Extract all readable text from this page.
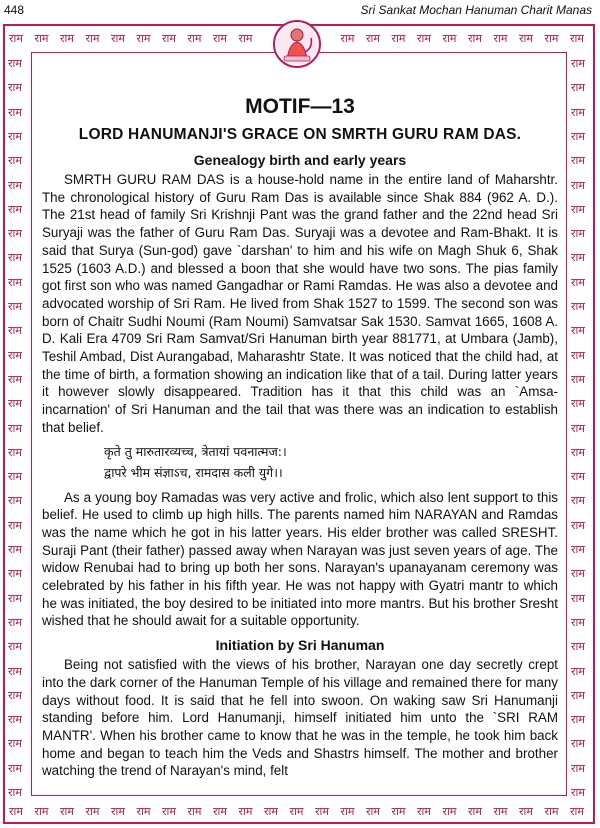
448	Sri Sankat Mochan Hanuman Charit Manas
राम राम राम राम राम राम राम राम राम राम	राम राम राम राम राम राम राम राम राम राम
राम राम राम राम राम राम राम राम राम राम राम राम राम राम राम राम राम राम राम राम राम राम राम
राम	राम
राम	राम
राम	राम
राम	राम
राम	राम
राम	राम
राम	राम
राम	राम
राम	राम
राम	राम
राम	राम
राम	राम
राम	राम
राम	राम
राम	राम
राम	राम
राम	राम
राम	राम
राम	राम
राम	राम
राम	राम
राम	राम
राम	राम
राम	राम
राम	राम
राम	राम
राम	राम
राम	राम
राम	राम
राम	राम
राम	राम
MOTIF—13
LORD HANUMANJI'S GRACE ON SMRTH GURU RAM DAS.
Genealogy birth and early years

SMRTH GURU RAM DAS is a house-hold name in the entire land of Maharshtr. The chronological history of Guru Ram Das is available since Shak 884 (962 A. D.). The 21st head of family Sri Krishnji Pant was the grand father and the 22nd head Sri Suryaji was the father of Guru Ram Das. Suryaji was a devotee and Ram-Bhakt. It is said that Surya (Sun-god) gave `darshan' to him and his wife on Magh Shuk 6, Shak 1525 (1603 A.D.) and blessed a boon that she would have two sons. The pias family got first son who was named Gangadhar or Rami Ramdas. He was also a devotee and advocated worship of Sri Ram. He lived from Shak 1527 to 1599. The second son was born of Chaitr Sudhi Noumi (Ram Noumi) Samvatsar Sak 1530. Samvat 1665, 1608 A. D. Kali Era 4709 Sri Ram Samvat/Sri Hanuman birth year 881771, at Umbara (Jamb), Teshil Ambad, Dist Aurangabad, Maharashtr State. It was noticed that the child had, at the time of birth, a formation showing an indication like that of a tail. During latter years it however slowly disappeared. Tradition has it that this child was an `Amsa-incarnation' of Sri Hanuman and the tail that was there was an indication to establish that belief.

कृते तु मारुतारव्यच्च, त्रेतायां पवनात्मज:।
द्वापरे भीम संज्ञाऽच, रामदास कली युगे।।

As a young boy Ramadas was very active and frolic, which also lent support to this belief. He used to climb up high hills. The parents named him NARAYAN and Ramdas was the name which he got in his latter years. His elder brother was called SRESHT. Suraji Pant (their father) passed away when Narayan was just seven years of age. The widow Renubai had to bring up both her sons. Narayan's upanayanam ceremony was celebrated by his father in his fifth year. He was not happy with Gyatri mantr to which he was initiated, the boy desired to be initiated into more mantrs. But his brother Sresht wished that he should await for a suitable opportunity.

Initiation by Sri Hanuman

Being not satisfied with the views of his brother, Narayan one day secretly crept into the dark corner of the Hanuman Temple of his village and remained there for many days without food. It is said that he fell into swoon. On waking saw Sri Hanumanji standing before him. Lord Hanumanji, himself initiated him unto the `SRI RAM MANTR'. When his brother came to know that he was in the temple, he took him back home and began to teach him the Veds and Shastrs himself. The mother and brother watching the trend of Narayan's mind, felt
